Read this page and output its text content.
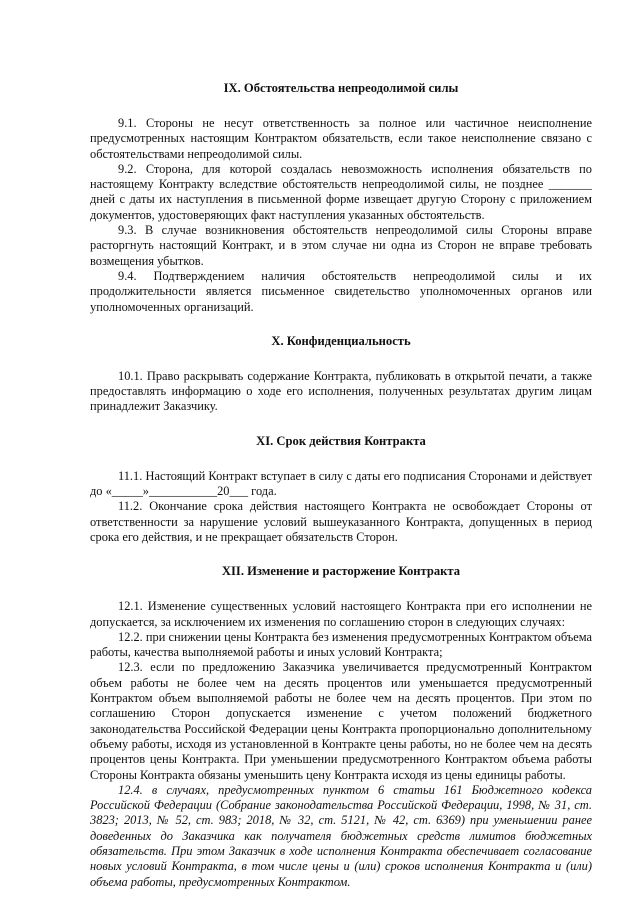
IX. Обстоятельства непреодолимой силы

9.1. Стороны не несут ответственность за полное или частичное неисполнение предусмотренных настоящим Контрактом обязательств, если такое неисполнение связано с обстоятельствами непреодолимой силы.

9.2. Сторона, для которой создалась невозможность исполнения обязательств по настоящему Контракту вследствие обстоятельств непреодолимой силы, не позднее _______ дней с даты их наступления в письменной форме извещает другую Сторону с приложением документов, удостоверяющих факт наступления указанных обстоятельств.

9.3. В случае возникновения обстоятельств непреодолимой силы Стороны вправе расторгнуть настоящий Контракт, и в этом случае ни одна из Сторон не вправе требовать возмещения убытков.

9.4. Подтверждением наличия обстоятельств непреодолимой силы и их продолжительности является письменное свидетельство уполномоченных органов или уполномоченных организаций.

X. Конфиденциальность

10.1. Право раскрывать содержание Контракта, публиковать в открытой печати, а также предоставлять информацию о ходе его исполнения, полученных результатах другим лицам принадлежит Заказчику.

XI. Срок действия Контракта

11.1. Настоящий Контракт вступает в силу с даты его подписания Сторонами и действует до «_____»___________20___ года.

11.2. Окончание срока действия настоящего Контракта не освобождает Стороны от ответственности за нарушение условий вышеуказанного Контракта, допущенных в период срока его действия, и не прекращает обязательств Сторон.

XII. Изменение и расторжение Контракта

12.1. Изменение существенных условий настоящего Контракта при его исполнении не допускается, за исключением их изменения по соглашению сторон в следующих случаях:

12.2. при снижении цены Контракта без изменения предусмотренных Контрактом объема работы, качества выполняемой работы и иных условий Контракта;

12.3. если по предложению Заказчика увеличивается предусмотренный Контрактом объем работы не более чем на десять процентов или уменьшается предусмотренный Контрактом объем выполняемой работы не более чем на десять процентов. При этом по соглашению Сторон допускается изменение с учетом положений бюджетного законодательства Российской Федерации цены Контракта пропорционально дополнительному объему работы, исходя из установленной в Контракте цены работы, но не более чем на десять процентов цены Контракта. При уменьшении предусмотренного Контрактом объема работы Стороны Контракта обязаны уменьшить цену Контракта исходя из цены единицы работы.

12.4. в случаях, предусмотренных пунктом 6 статьи 161 Бюджетного кодекса Российской Федерации (Собрание законодательства Российской Федерации, 1998, № 31, ст. 3823; 2013, № 52, ст. 983; 2018, № 32, ст. 5121, № 42, ст. 6369) при уменьшении ранее доведенных до Заказчика как получателя бюджетных средств лимитов бюджетных обязательств. При этом Заказчик в ходе исполнения Контракта обеспечивает согласование новых условий Контракта, в том числе цены и (или) сроков исполнения Контракта и (или) объема работы, предусмотренных Контрактом.
